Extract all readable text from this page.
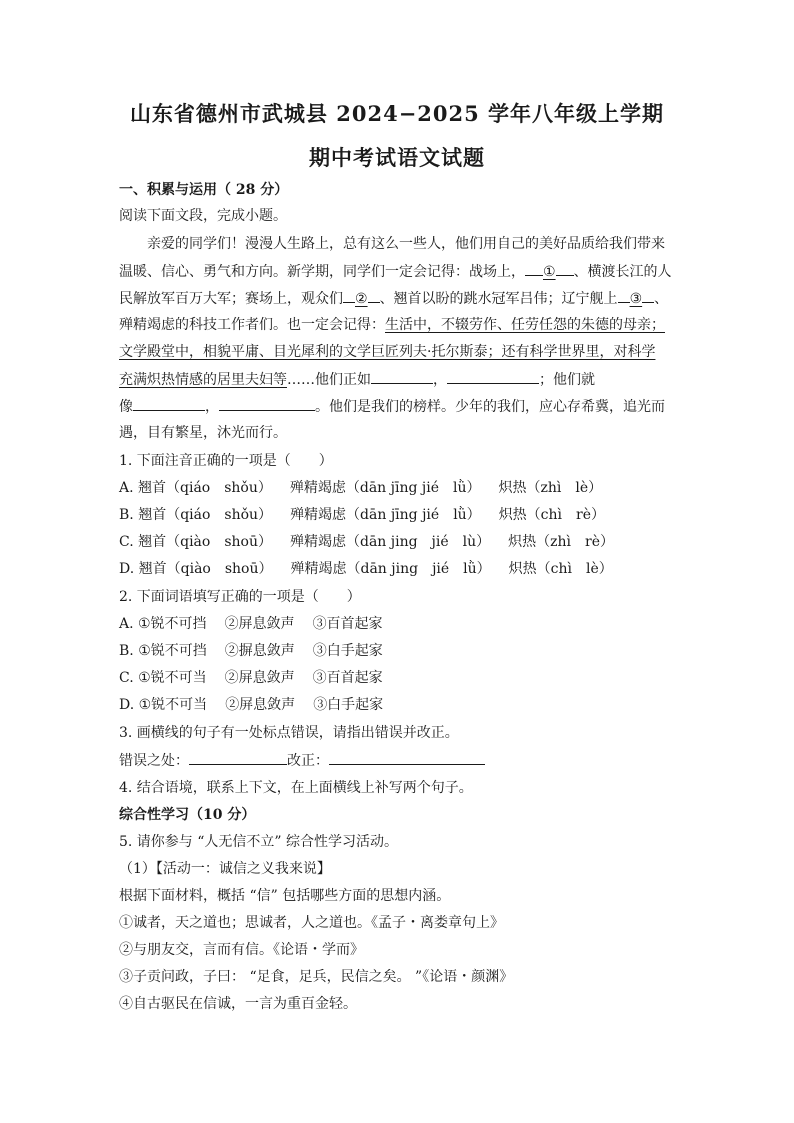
山东省德州市武城县 2024−2025 学年八年级上学期
期中考试语文试题
一、积累与运用（ 28 分）
阅读下面文段，完成小题。
亲爱的同学们！漫漫人生路上，总有这么一些人，他们用自己的美好品质给我们带来
温暖、信心、勇气和方向。新学期，同学们一定会记得：战场上， ① 、横渡长江的人
民解放军百万大军；赛场上，观众们 ② 、翘首以盼的跳水冠军吕伟；辽宁舰上 ③ 、
殚精竭虑的科技工作者们。也一定会记得：生活中，不辍劳作、任劳任怨的朱德的母亲；
文学殿堂中，相貌平庸、目光犀利的文学巨匠列夫·托尔斯泰；还有科学世界里，对科学
充满炽热情感的居里夫妇等……他们正如	，	；他们就
像	，	。他们是我们的榜样。少年的我们，应心存希冀，追光而
遇，目有繁星，沐光而行。
1. 下面注音正确的一项是（　　）
A. 翘首（qiáo　shǒu） 殚精竭虑（dān jīng jié　lǜ） 炽热（zhì　lè）
B. 翘首（qiáo　shǒu） 殚精竭虑（dān jīng jié　lǜ） 炽热（chì　rè）
C. 翘首（qiào　shoū） 殚精竭虑（dān jing　jié　lù） 炽热（zhì　rè）
D. 翘首（qiào　shoū） 殚精竭虑（dān jing　jié　lǜ） 炽热（chì　lè）
2. 下面词语填写正确的一项是（　　）
A. ①锐不可挡 ②屏息敛声 ③百首起家
B. ①锐不可挡 ②摒息敛声 ③白手起家
C. ①锐不可当 ②屏息敛声 ③百首起家
D. ①锐不可当 ②屏息敛声 ③白手起家
3. 画横线的句子有一处标点错误，请指出错误并改正。
错误之处：	改正：
4. 结合语境，联系上下文，在上面横线上补写两个句子。
综合性学习（10 分）
5. 请你参与 “人无信不立” 综合性学习活动。
（1）【活动一：诚信之义我来说】
根据下面材料，概括 “信” 包括哪些方面的思想内涵。
①诚者，天之道也；思诚者，人之道也。《孟子・离娄章句上》
②与朋友交，言而有信。《论语・学而》
③子贡问政，子曰： “足食，足兵，民信之矣。 ”《论语・颜渊》
④自古驱民在信诚，一言为重百金轻。
